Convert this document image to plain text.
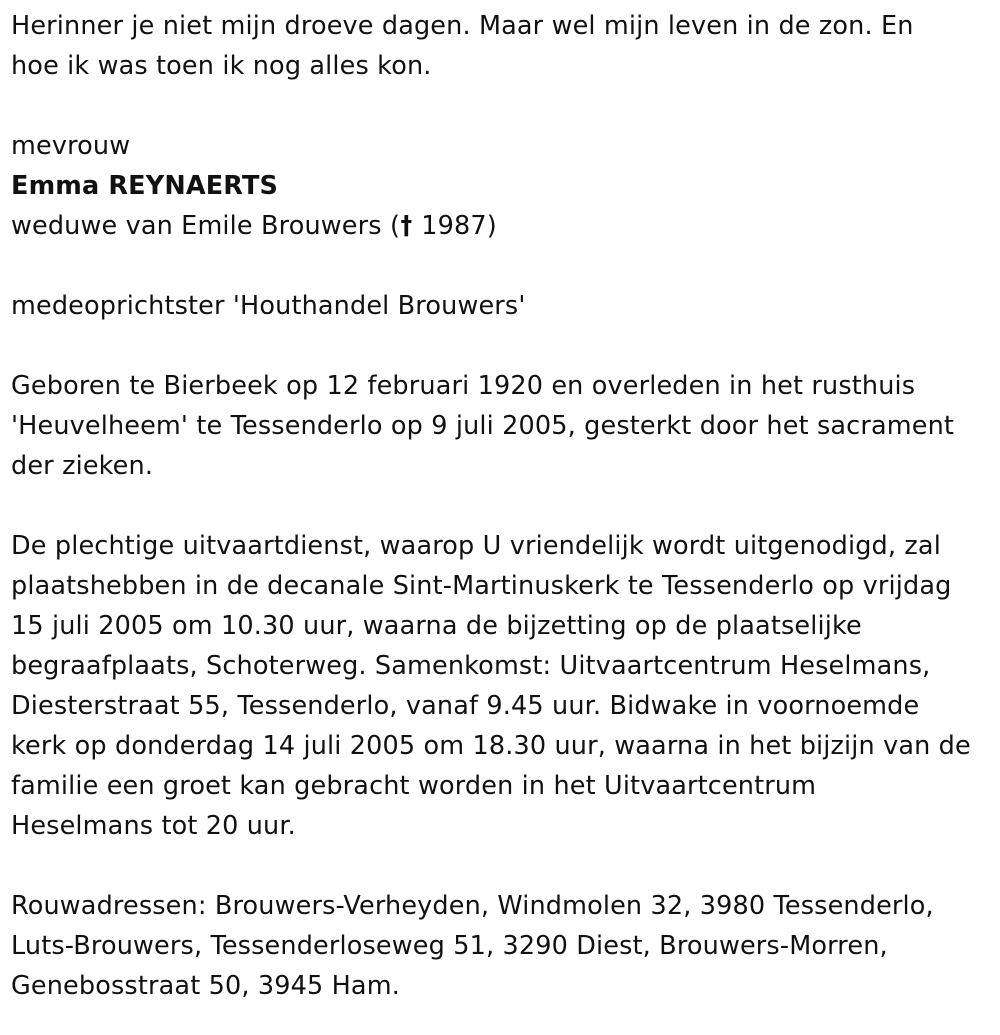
Herinner je niet mijn droeve dagen. Maar wel mijn leven in de zon. En

hoe ik was toen ik nog alles kon.

mevrouw

Emma REYNAERTS

weduwe van Emile Brouwers († 1987)

medeoprichtster 'Houthandel Brouwers'

Geboren te Bierbeek op 12 februari 1920 en overleden in het rusthuis

'Heuvelheem' te Tessenderlo op 9 juli 2005, gesterkt door het sacrament

der zieken.

De plechtige uitvaartdienst, waarop U vriendelijk wordt uitgenodigd, zal

plaatshebben in de decanale Sint-Martinuskerk te Tessenderlo op vrijdag

15 juli 2005 om 10.30 uur, waarna de bijzetting op de plaatselijke

begraafplaats, Schoterweg. Samenkomst: Uitvaartcentrum Heselmans,

Diesterstraat 55, Tessenderlo, vanaf 9.45 uur. Bidwake in voornoemde

kerk op donderdag 14 juli 2005 om 18.30 uur, waarna in het bijzijn van de

familie een groet kan gebracht worden in het Uitvaartcentrum

Heselmans tot 20 uur.

Rouwadressen: Brouwers-Verheyden, Windmolen 32, 3980 Tessenderlo,

Luts-Brouwers, Tessenderloseweg 51, 3290 Diest, Brouwers-Morren,

Genebosstraat 50, 3945 Ham.
